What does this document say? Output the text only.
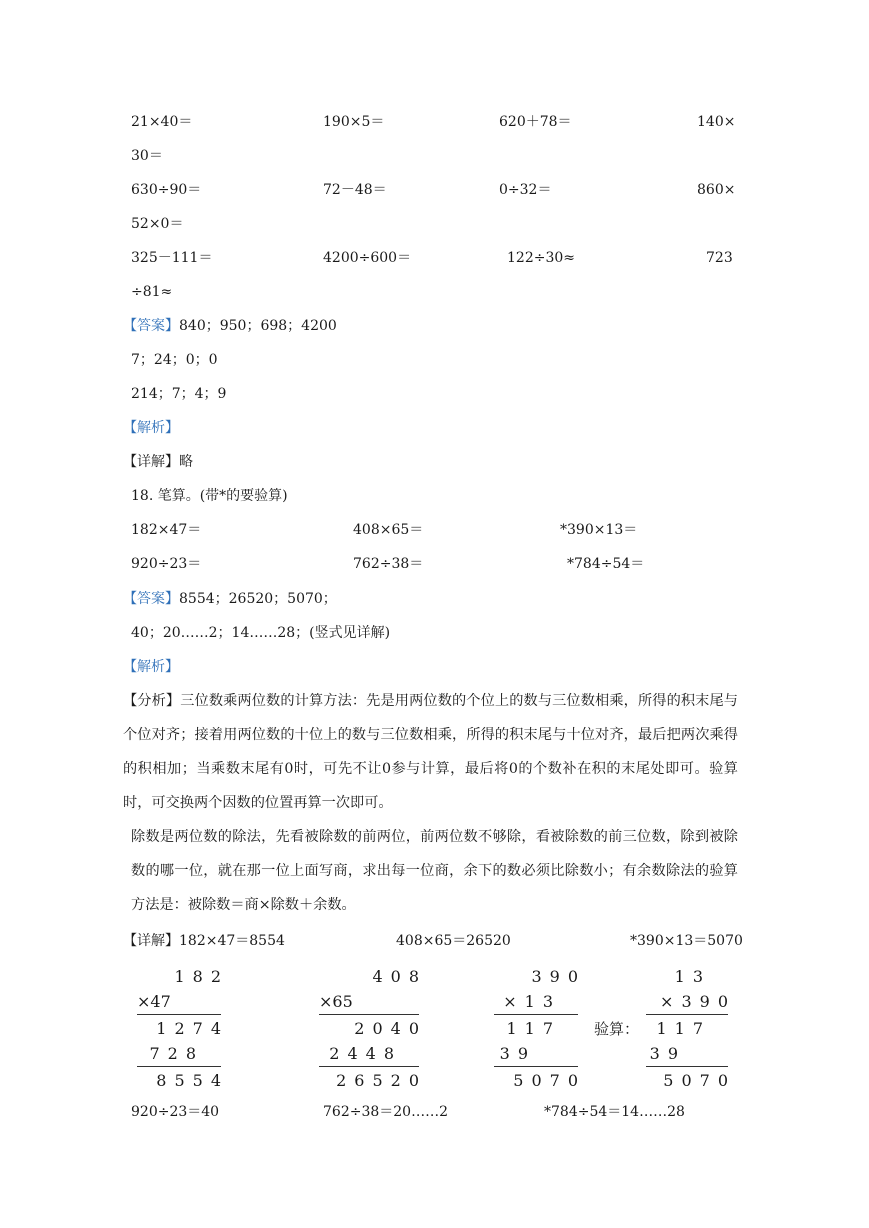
21×40＝	190×5＝	620＋78＝	140×
30＝
630÷90＝	72－48＝	0÷32＝	860×
52×0＝
325－111＝	4200÷600＝	122÷30≈	723
÷81≈
【答案】840；950；698；4200
7；24；0；0
214；7；4；9
【解析】
【详解】略
18. 笔算。(带*的要验算)
182×47＝	408×65＝	*390×13＝
920÷23＝	762÷38＝	*784÷54＝
【答案】8554；26520；5070；
40；20……2；14……28；(竖式见详解)
【解析】
【分析】三位数乘两位数的计算方法：先是用两位数的个位上的数与三位数相乘，所得的积末尾与个位对齐；接着用两位数的十位上的数与三位数相乘，所得的积末尾与十位对齐，最后把两次乘得的积相加；当乘数末尾有0时，可先不让0参与计算，最后将0的个数补在积的末尾处即可。验算时，可交换两个因数的位置再算一次即可。
除数是两位数的除法，先看被除数的前两位，前两位数不够除，看被除数的前三位数，除到被除数的哪一位，就在那一位上面写商，求出每一位商，余下的数必须比除数小；有余数除法的验算方法是：被除数＝商×除数＋余数。
【详解】182×47＝8554	408×65＝26520	*390×13＝5070
182
×47
1274
728
8554
408
×65
2040
2448
26520
390
×13
117
39
5070
验算：
13
×390
117
39
5070
920÷23＝40	762÷38＝20……2	*784÷54＝14……28
